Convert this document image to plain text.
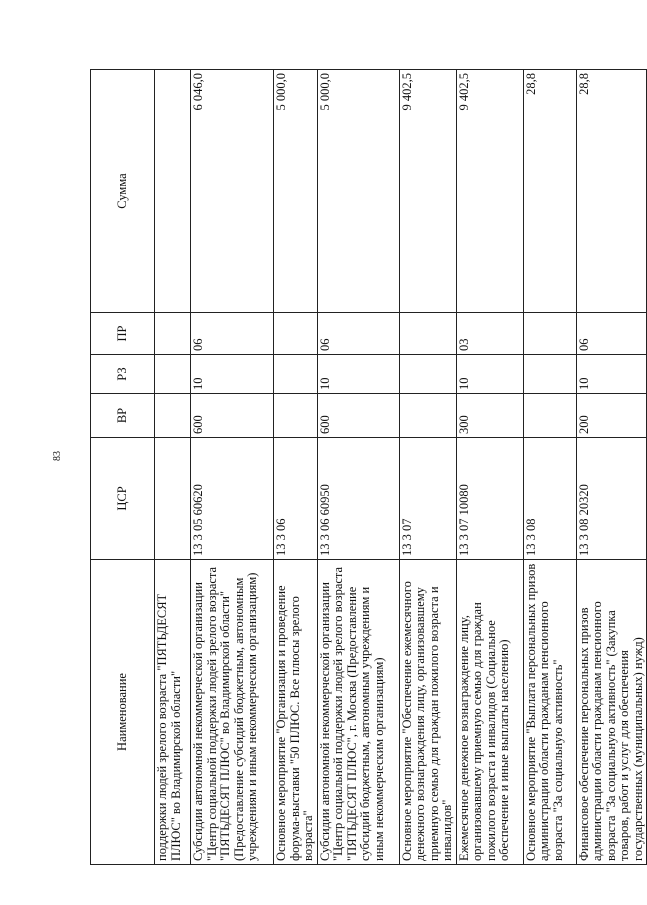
83
Наименование	ЦСР	ВР	РЗ	ПР	Сумма
поддержки людей зрелого возраста "ПЯТЬДЕСЯТ ПЛЮС" во Владимирской области"					
Субсидии автономной некоммерческой организации "Центр социальной поддержки людей зрелого возраста "ПЯТЬДЕСЯТ ПЛЮС" во Владимирской области" (Предоставление субсидий бюджетным, автономным учреждениям и иным некоммерческим организациям)	13 3 05 60620	600	10	06	6 046,0
Основное мероприятие "Организация и проведение форума-выставки "50 ПЛЮС. Все плюсы зрелого возраста"	13 3 06				5 000,0
Субсидии автономной некоммерческой организации "Центр социальной поддержки людей зрелого возраста "ПЯТЬДЕСЯТ ПЛЮС", г. Москва (Предоставление субсидий бюджетным, автономным учреждениям и иным некоммерческим организациям)	13 3 06 60950	600	10	06	5 000,0
Основное мероприятие "Обеспечение ежемесячного денежного вознаграждения лицу, организовавшему приемную семью для граждан пожилого возраста и инвалидов"	13 3 07				9 402,5
Ежемесячное денежное вознаграждение лицу, организовавшему приемную семью для граждан пожилого возраста и инвалидов (Социальное обеспечение и иные выплаты населению)	13 3 07 10080	300	10	03	9 402,5
Основное мероприятие "Выплата персональных призов администрации области гражданам пенсионного возраста "За социальную активность"	13 3 08				28,8
Финансовое обеспечение персональных призов администрации области гражданам пенсионного возраста "За социальную активность" (Закупка товаров, работ и услуг для обеспечения государственных (муниципальных) нужд)	13 3 08 20320	200	10	06	28,8
